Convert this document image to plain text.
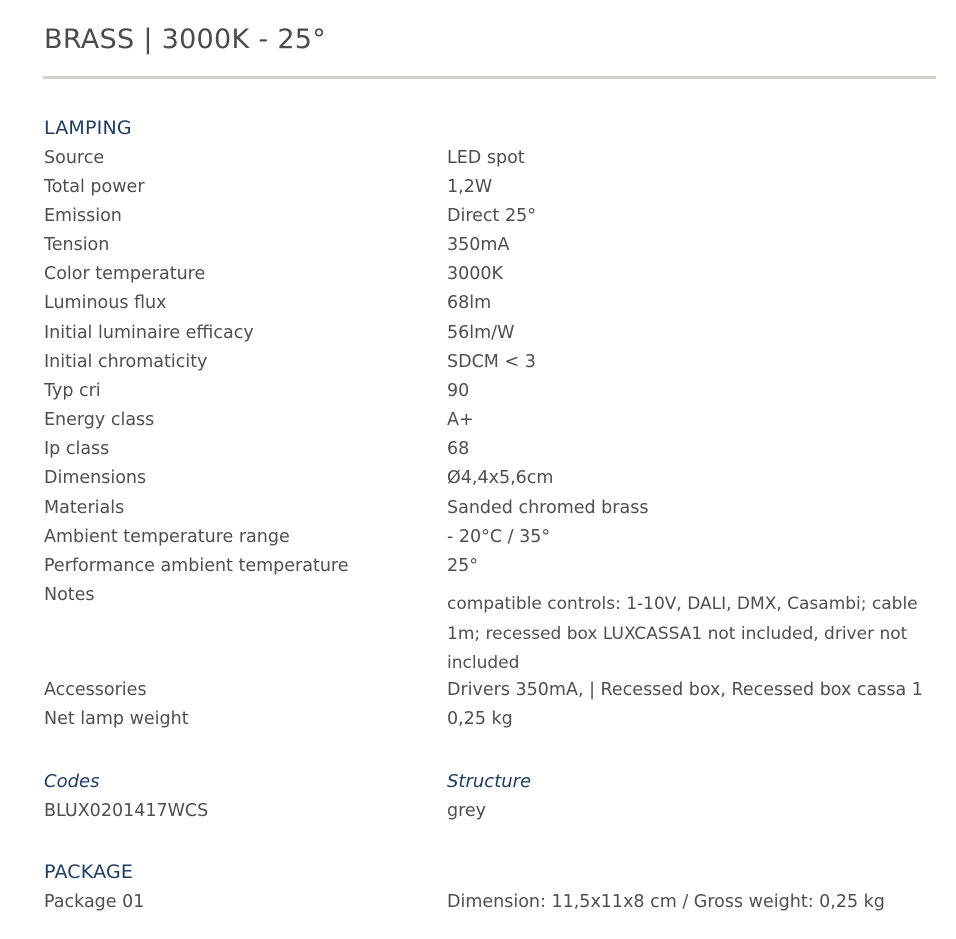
BRASS | 3000K - 25°
LAMPING
Source	LED spot
Total power	1,2W
Emission	Direct 25°
Tension	350mA
Color temperature	3000K
Luminous flux	68lm
Initial luminaire efficacy	56lm/W
Initial chromaticity	SDCM < 3
Typ cri	90
Energy class	A+
Ip class	68
Dimensions	Ø4,4x5,6cm
Materials	Sanded chromed brass
Ambient temperature range	- 20°C / 35°
Performance ambient temperature	25°
Notes	compatible controls: 1-10V, DALI, DMX, Casambi; cable 1m; recessed box LUXCASSA1 not included, driver not included
Accessories	Drivers 350mA, | Recessed box, Recessed box cassa 1
Net lamp weight	0,25 kg
Codes	Structure
BLUX0201417WCS	grey
PACKAGE
Package 01	Dimension: 11,5x11x8 cm / Gross weight: 0,25 kg
